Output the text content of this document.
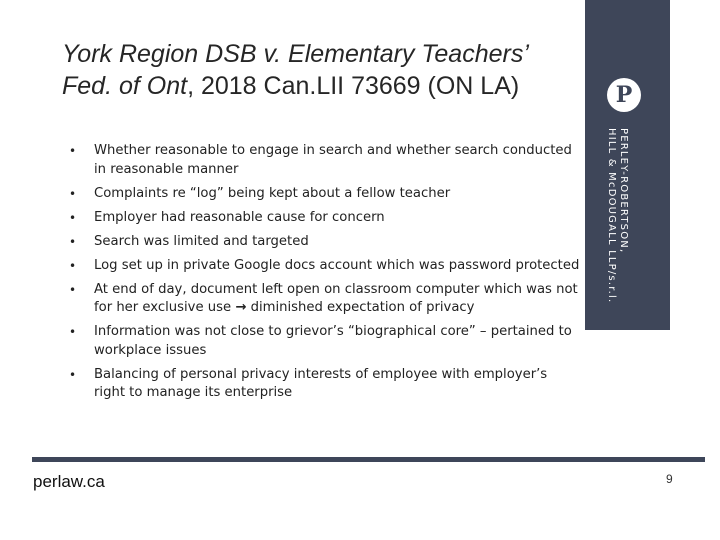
York Region DSB v. Elementary Teachers’ Fed. of Ont, 2018 Can.LII 73669 (ON LA)
• Whether reasonable to engage in search and whether search conducted in reasonable manner
• Complaints re “log” being kept about a fellow teacher
• Employer had reasonable cause for concern
• Search was limited and targeted
• Log set up in private Google docs account which was password protected
• At end of day, document left open on classroom computer which was not for her exclusive use → diminished expectation of privacy
• Information was not close to grievor’s “biographical core” – pertained to workplace issues
• Balancing of personal privacy interests of employee with employer’s right to manage its enterprise
P
PERLEY-ROBERTSON,
HILL & McDOUGALL LLP/s.r.l.
perlaw.ca	9
